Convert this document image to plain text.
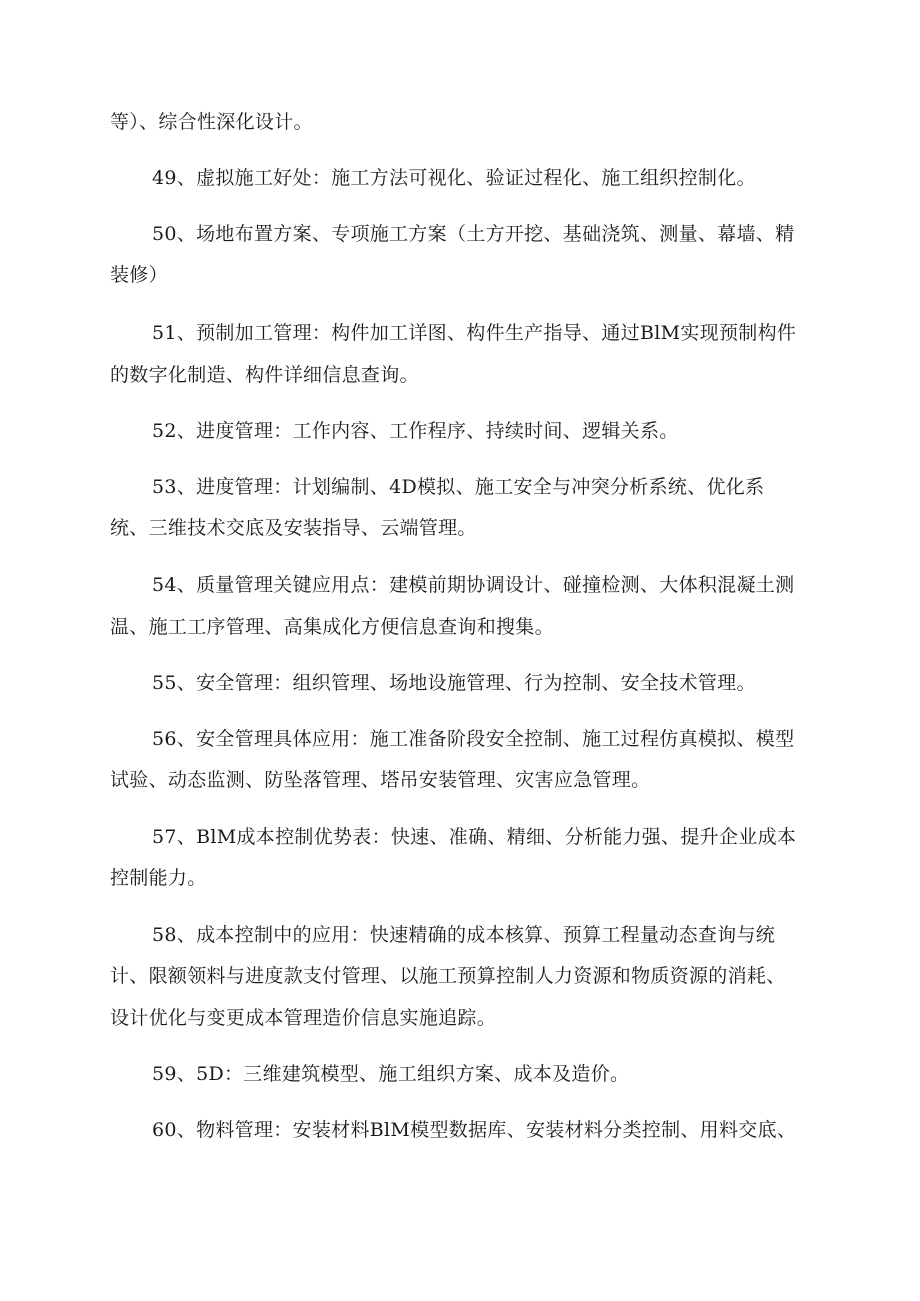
等）、综合性深化设计。
49、虚拟施工好处：施工方法可视化、验证过程化、施工组织控制化。
50、场地布置方案、专项施工方案（土方开挖、基础浇筑、测量、幕墙、精
装修）
51、预制加工管理：构件加工详图、构件生产指导、通过BlM实现预制构件
的数字化制造、构件详细信息查询。
52、进度管理：工作内容、工作程序、持续时间、逻辑关系。
53、进度管理：计划编制、4D模拟、施工安全与冲突分析系统、优化系
统、三维技术交底及安装指导、云端管理。
54、质量管理关键应用点：建模前期协调设计、碰撞检测、大体积混凝土测
温、施工工序管理、高集成化方便信息查询和搜集。
55、安全管理：组织管理、场地设施管理、行为控制、安全技术管理。
56、安全管理具体应用：施工准备阶段安全控制、施工过程仿真模拟、模型
试验、动态监测、防坠落管理、塔吊安装管理、灾害应急管理。
57、BlM成本控制优势表：快速、准确、精细、分析能力强、提升企业成本
控制能力。
58、成本控制中的应用：快速精确的成本核算、预算工程量动态查询与统
计、限额领料与进度款支付管理、以施工预算控制人力资源和物质资源的消耗、
设计优化与变更成本管理造价信息实施追踪。
59、5D：三维建筑模型、施工组织方案、成本及造价。
60、物料管理：安装材料BlM模型数据库、安装材料分类控制、用料交底、
